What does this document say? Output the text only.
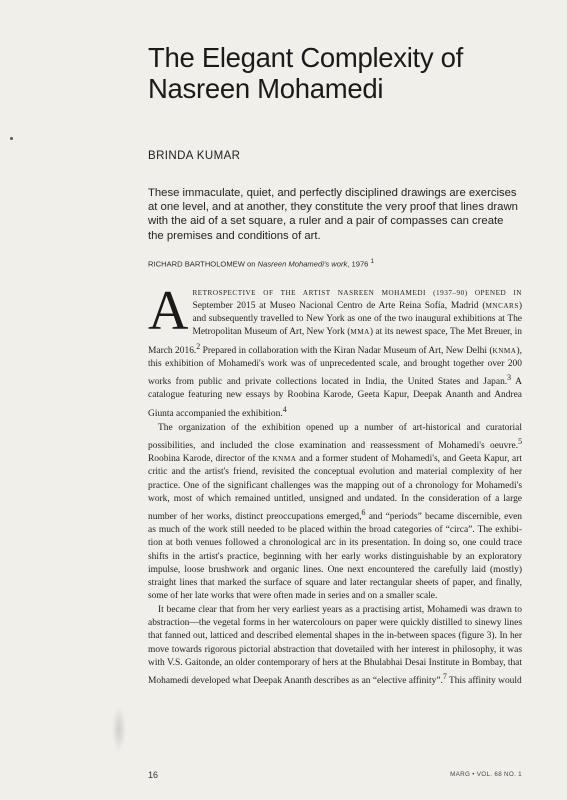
The Elegant Complexity of
Nasreen Mohamedi

BRINDA KUMAR

These immaculate, quiet, and perfectly disciplined drawings are exercises at one level, and at another, they constitute the very proof that lines drawn with the aid of a set square, a ruler and a pair of compasses can create the premises and conditions of art.

RICHARD BARTHOLOMEW on Nasreen Mohamedi's work, 1976 $^1$

ARETROSPECTIVE OF THE ARTIST NASREEN MOHAMEDI (1937–90) OPENED IN September 2015 at Museo Nacional Centro de Arte Reina Sofía, Madrid (MNCARS) and subsequently travelled to New York as one of the two inaugural exhibitions at The Metropolitan Museum of Art, New York (MMA) at its newest space, The Met Breuer, in March 2016.$^2$ Prepared in collaboration with the Kiran Nadar Museum of Art, New Delhi (KNMA), this exhibition of Mohamedi's work was of unprecedented scale, and brought together over 200 works from public and private collections located in India, the United States and Japan.$^3$ A catalogue featuring new essays by Roobina Karode, Geeta Kapur, Deepak Ananth and Andrea Giunta accompanied the exhibition.$^4$

The organization of the exhibition opened up a number of art-historical and curatorial possibilities, and included the close examination and reassessment of Mohamedi's oeuvre.$^5$ Roobina Karode, director of the KNMA and a former student of Mohamedi's, and Geeta Kapur, art critic and the artist's friend, revisited the conceptual evolution and material complexity of her practice. One of the significant challenges was the mapping out of a chronology for Mohamedi's work, most of which remained untitled, unsigned and undated. In the consideration of a large number of her works, distinct preoccupations emerged,$^6$ and “periods” became discernible, even as much of the work still needed to be placed within the broad categories of “circa”. The exhibition at both venues followed a chronological arc in its presentation. In doing so, one could trace shifts in the artist's practice, beginning with her early works distinguishable by an exploratory impulse, loose brushwork and organic lines. One next encountered the carefully laid (mostly) straight lines that marked the surface of square and later rectangular sheets of paper, and finally, some of her late works that were often made in series and on a smaller scale.

It became clear that from her very earliest years as a practising artist, Mohamedi was drawn to abstraction—the vegetal forms in her watercolours on paper were quickly distilled to sinewy lines that fanned out, latticed and described elemental shapes in the in-between spaces (figure 3). In her move towards rigorous pictorial abstraction that dovetailed with her interest in philosophy, it was with V.S. Gaitonde, an older contemporary of hers at the Bhulabhai Desai Institute in Bombay, that Mohamedi developed what Deepak Ananth describes as an “elective affinity”.$^7$ This affinity would

16	MARG • VOL. 68 NO. 1
